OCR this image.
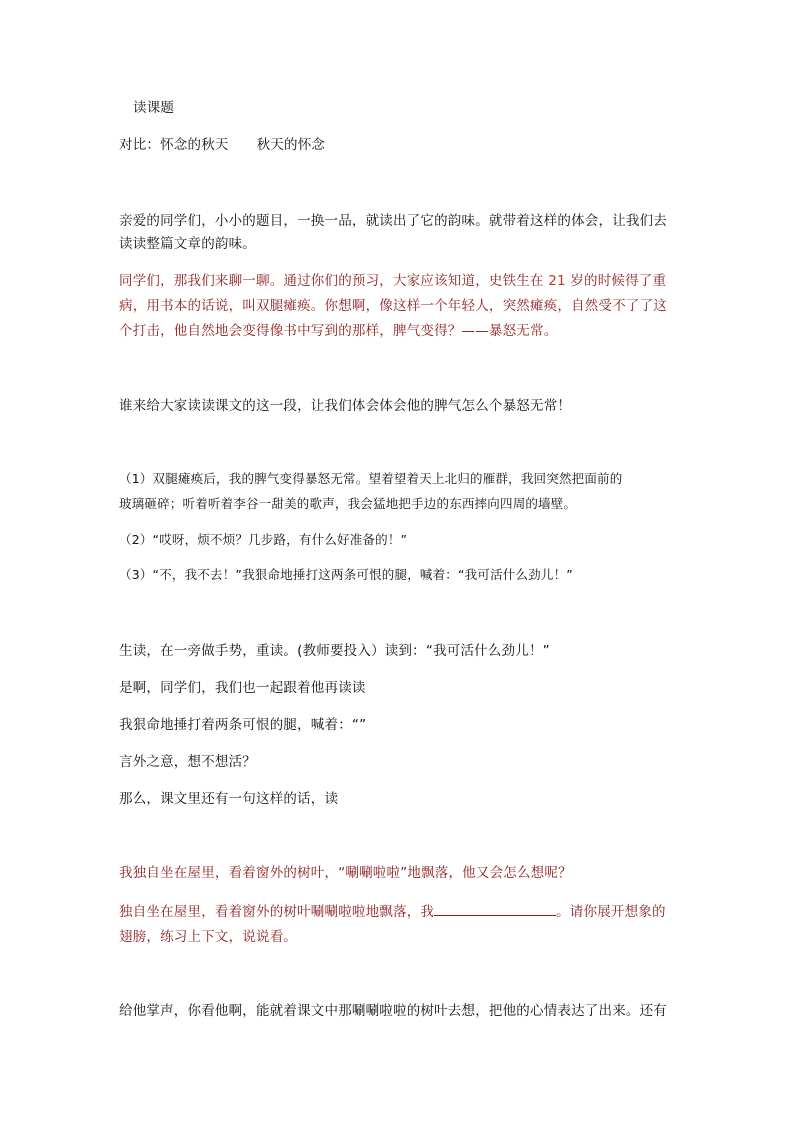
读课题
对比：怀念的秋天 秋天的怀念
亲爱的同学们，小小的题目，一换一品，就读出了它的韵味。就带着这样的体会，让我们去
读读整篇文章的韵味。
同学们，那我们来聊一聊。通过你们的预习，大家应该知道，史铁生在 21 岁的时候得了重
病，用书本的话说，叫双腿瘫痪。你想啊，像这样一个年轻人，突然瘫痪，自然受不了了这
个打击，他自然地会变得像书中写到的那样，脾气变得？——暴怒无常。
谁来给大家读读课文的这一段，让我们体会体会他的脾气怎么个暴怒无常！
（1）双腿瘫痪后，我的脾气变得暴怒无常。望着望着天上北归的雁群，我回突然把面前的
玻璃砸碎；听着听着李谷一甜美的歌声，我会猛地把手边的东西摔向四周的墙壁。
（2）“哎呀，烦不烦？几步路，有什么好准备的！”
（3）“不，我不去！”我狠命地捶打这两条可恨的腿，喊着：“我可活什么劲儿！”
生读，在一旁做手势，重读。(教师要投入）读到：“我可活什么劲儿！”
是啊，同学们，我们也一起跟着他再读读
我狠命地捶打着两条可恨的腿，喊着：“”
言外之意，想不想活？
那么，课文里还有一句这样的话，读
我独自坐在屋里，看着窗外的树叶，“唰唰啦啦”地飘落，他又会怎么想呢？
独自坐在屋里，看着窗外的树叶唰唰啦啦地飘落，我	。请你展开想象的
翅膀，练习上下文，说说看。
给他掌声，你看他啊，能就着课文中那唰唰啦啦的树叶去想，把他的心情表达了出来。还有
